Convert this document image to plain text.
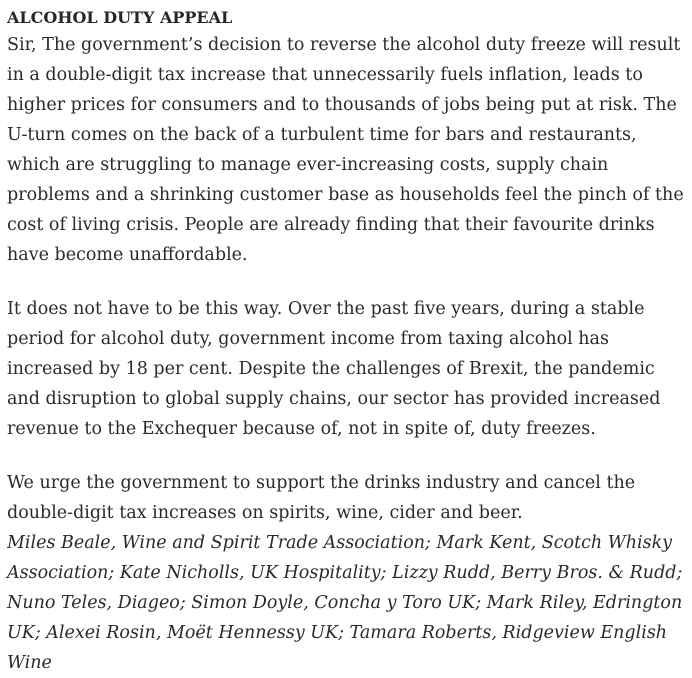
ALCOHOL DUTY APPEAL

Sir, The government’s decision to reverse the alcohol duty freeze will result in a double-digit tax increase that unnecessarily fuels inflation, leads to higher prices for consumers and to thousands of jobs being put at risk. The U-turn comes on the back of a turbulent time for bars and restaurants, which are struggling to manage ever-increasing costs, supply chain problems and a shrinking customer base as households feel the pinch of the cost of living crisis. People are already finding that their favourite drinks have become unaffordable.

It does not have to be this way. Over the past five years, during a stable period for alcohol duty, government income from taxing alcohol has increased by 18 per cent. Despite the challenges of Brexit, the pandemic and disruption to global supply chains, our sector has provided increased revenue to the Exchequer because of, not in spite of, duty freezes.

We urge the government to support the drinks industry and cancel the double-digit tax increases on spirits, wine, cider and beer.

Miles Beale, Wine and Spirit Trade Association; Mark Kent, Scotch Whisky Association; Kate Nicholls, UK Hospitality; Lizzy Rudd, Berry Bros. & Rudd; Nuno Teles, Diageo; Simon Doyle, Concha y Toro UK; Mark Riley, Edrington UK; Alexei Rosin, Moët Hennessy UK; Tamara Roberts, Ridgeview English Wine
